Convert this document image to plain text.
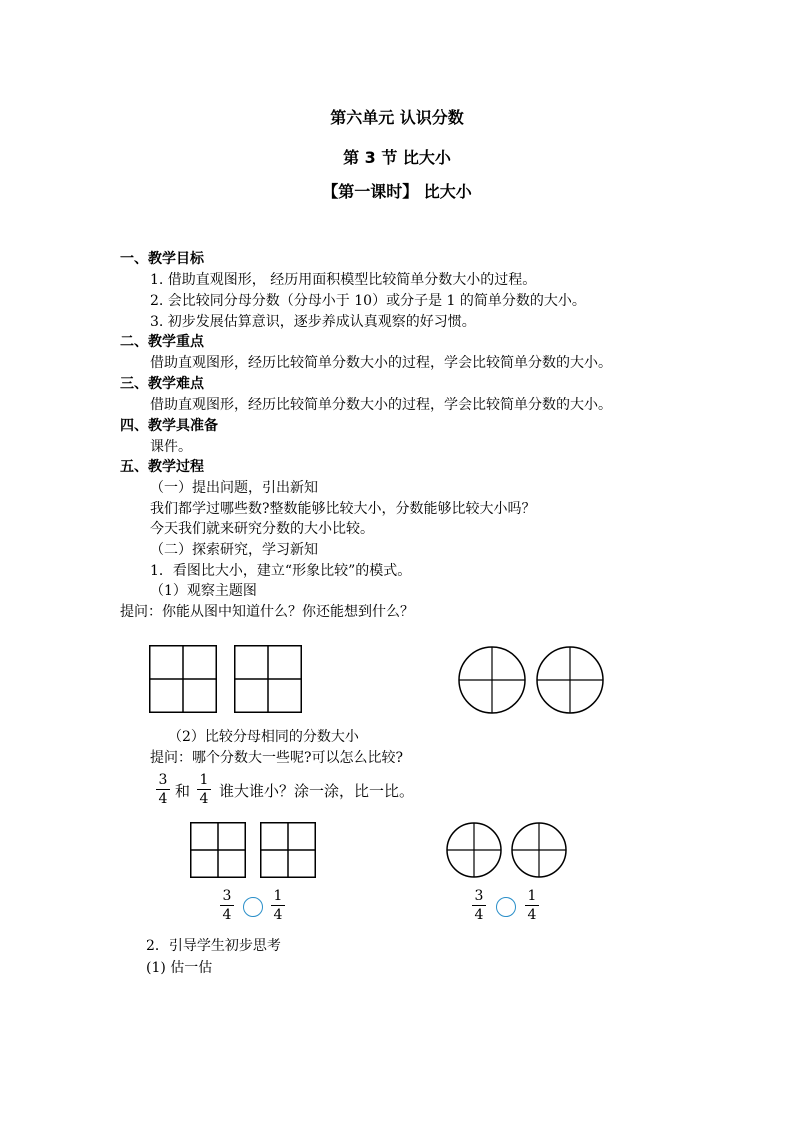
第六单元 认识分数
第 3 节 比大小
【第一课时】 比大小
一、教学目标
1. 借助直观图形， 经历用面积模型比较简单分数大小的过程。
2. 会比较同分母分数（分母小于 10）或分子是 1 的简单分数的大小。
3. 初步发展估算意识，逐步养成认真观察的好习惯。
二、教学重点
借助直观图形，经历比较简单分数大小的过程，学会比较简单分数的大小。
三、教学难点
借助直观图形，经历比较简单分数大小的过程，学会比较简单分数的大小。
四、教学具准备
课件。
五、教学过程
（一）提出问题，引出新知
我们都学过哪些数?整数能够比较大小，分数能够比较大小吗？
今天我们就来研究分数的大小比较。
（二）探索研究，学习新知
1．看图比大小，建立“形象比较”的模式。
（1）观察主题图
提问：你能从图中知道什么？你还能想到什么？
（2）比较分母相同的分数大小
提问：哪个分数大一些呢?可以怎么比较?
3
4 和
1
4 谁大谁小？涂一涂，比一比。
3
4
1
4
3
4
1
4
2．引导学生初步思考
(1) 估一估
